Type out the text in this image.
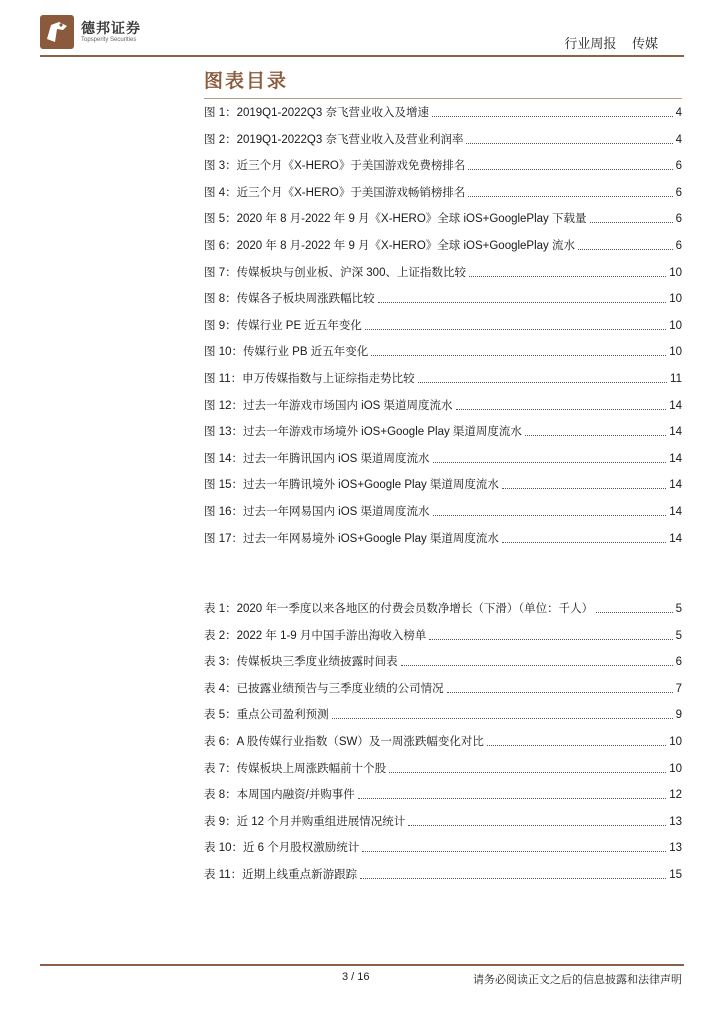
德邦证券
Topsperity Securities	行业周报 传媒
图表目录
图 1：2019Q1-2022Q3 奈飞营业收入及增速	4
图 2：2019Q1-2022Q3 奈飞营业收入及营业利润率	4
图 3：近三个月《X-HERO》于美国游戏免费榜排名	6
图 4：近三个月《X-HERO》于美国游戏畅销榜排名	6
图 5：2020 年 8 月-2022 年 9 月《X-HERO》全球 iOS+GooglePlay 下载量	6
图 6：2020 年 8 月-2022 年 9 月《X-HERO》全球 iOS+GooglePlay 流水	6
图 7：传媒板块与创业板、沪深 300、上证指数比较	10
图 8：传媒各子板块周涨跌幅比较	10
图 9：传媒行业 PE 近五年变化	10
图 10：传媒行业 PB 近五年变化	10
图 11：申万传媒指数与上证综指走势比较	11
图 12：过去一年游戏市场国内 iOS 渠道周度流水	14
图 13：过去一年游戏市场境外 iOS+Google Play 渠道周度流水	14
图 14：过去一年腾讯国内 iOS 渠道周度流水	14
图 15：过去一年腾讯境外 iOS+Google Play 渠道周度流水	14
图 16：过去一年网易国内 iOS 渠道周度流水	14
图 17：过去一年网易境外 iOS+Google Play 渠道周度流水	14
表 1：2020 年一季度以来各地区的付费会员数净增长（下滑）（单位：千人）	5
表 2：2022 年 1-9 月中国手游出海收入榜单	5
表 3：传媒板块三季度业绩披露时间表	6
表 4：已披露业绩预告与三季度业绩的公司情况	7
表 5：重点公司盈利预测	9
表 6：A 股传媒行业指数（SW）及一周涨跌幅变化对比	10
表 7：传媒板块上周涨跌幅前十个股	10
表 8：本周国内融资/并购事件	12
表 9：近 12 个月并购重组进展情况统计	13
表 10：近 6 个月股权激励统计	13
表 11：近期上线重点新游跟踪	15
3 / 16	请务必阅读正文之后的信息披露和法律声明
